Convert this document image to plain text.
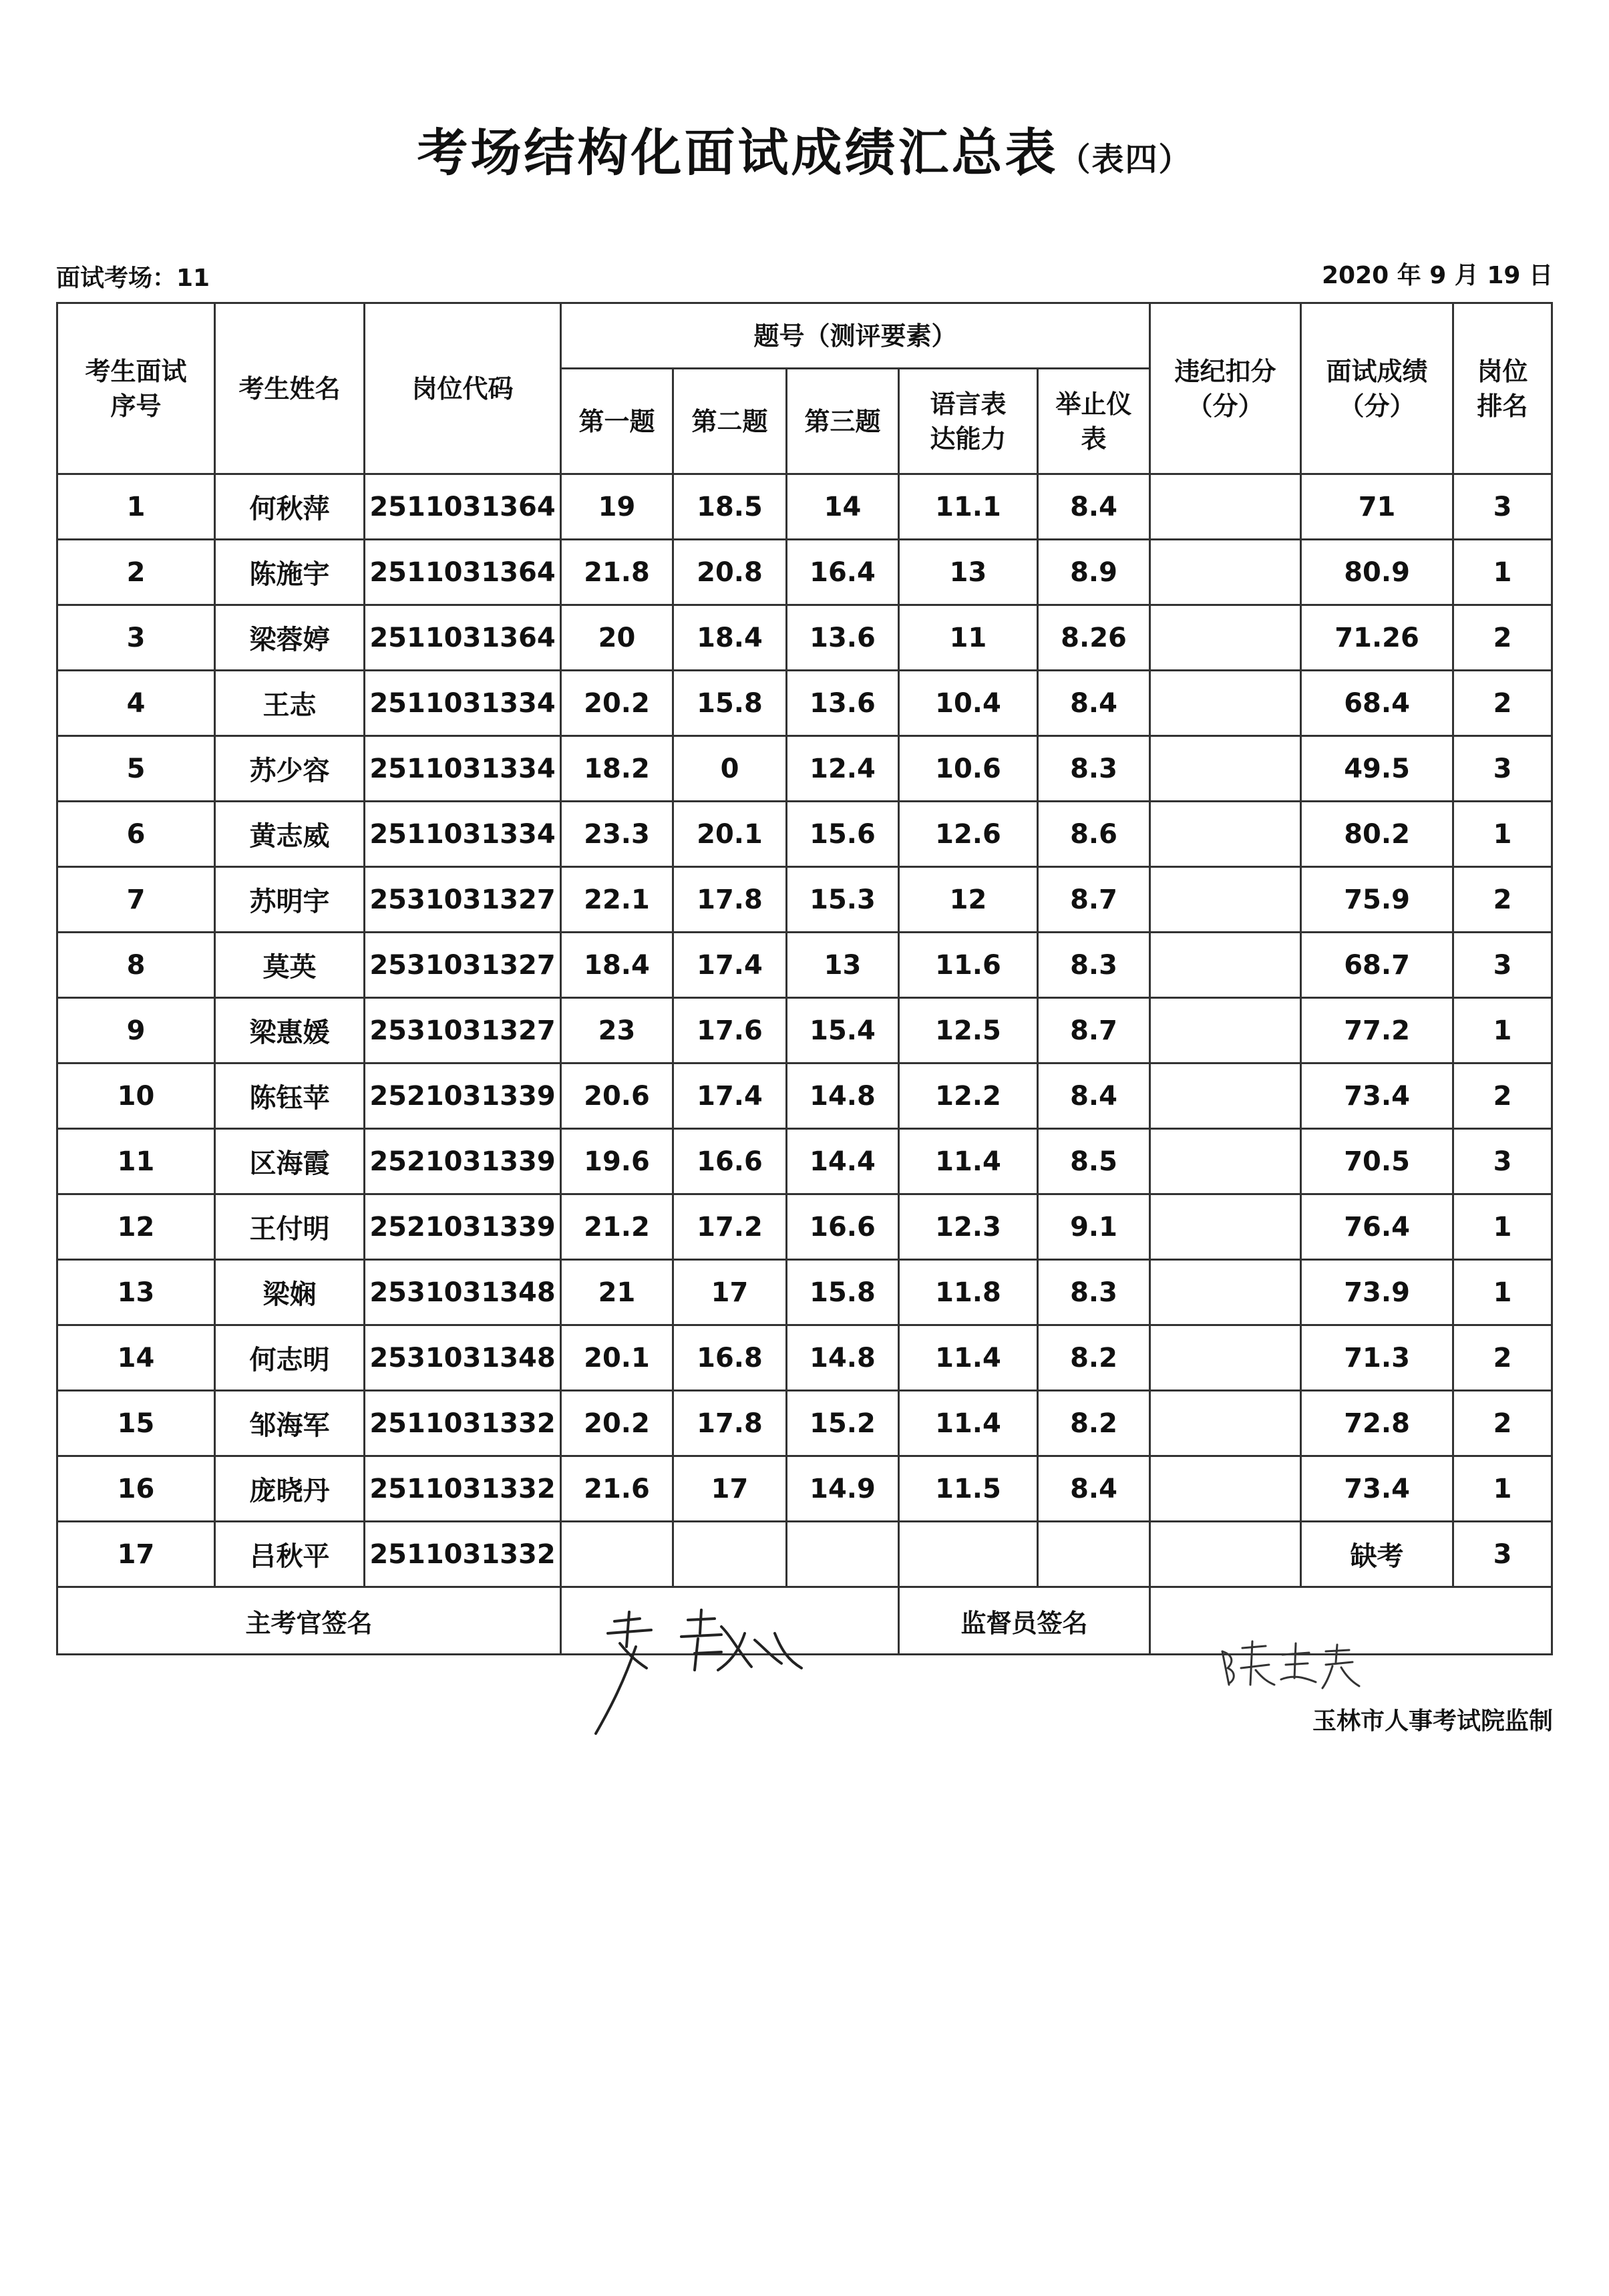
考场结构化面试成绩汇总表（表四）
面试考场：11	2020 年 9 月 19 日
考生面试序号	考生姓名	岗位代码	题号（测评要素）					违纪扣分（分）	面试成绩（分）	岗位排名
			第一题	第二题	第三题	语言表达能力	举止仪表			
1	何秋萍	2511031364	19	18.5	14	11.1	8.4		71	3
2	陈施宇	2511031364	21.8	20.8	16.4	13	8.9		80.9	1
3	梁蓉婷	2511031364	20	18.4	13.6	11	8.26		71.26	2
4	王志	2511031334	20.2	15.8	13.6	10.4	8.4		68.4	2
5	苏少容	2511031334	18.2	0	12.4	10.6	8.3		49.5	3
6	黄志威	2511031334	23.3	20.1	15.6	12.6	8.6		80.2	1
7	苏明宇	2531031327	22.1	17.8	15.3	12	8.7		75.9	2
8	莫英	2531031327	18.4	17.4	13	11.6	8.3		68.7	3
9	梁惠媛	2531031327	23	17.6	15.4	12.5	8.7		77.2	1
10	陈钰苹	2521031339	20.6	17.4	14.8	12.2	8.4		73.4	2
11	区海霞	2521031339	19.6	16.6	14.4	11.4	8.5		70.5	3
12	王付明	2521031339	21.2	17.2	16.6	12.3	9.1		76.4	1
13	梁娴	2531031348	21	17	15.8	11.8	8.3		73.9	1
14	何志明	2531031348	20.1	16.8	14.8	11.4	8.2		71.3	2
15	邹海军	2511031332	20.2	17.8	15.2	11.4	8.2		72.8	2
16	庞晓丹	2511031332	21.6	17	14.9	11.5	8.4		73.4	1
17	吕秋平	2511031332							缺考	3
主考官签名						监督员签名				
玉林市人事考试院监制
